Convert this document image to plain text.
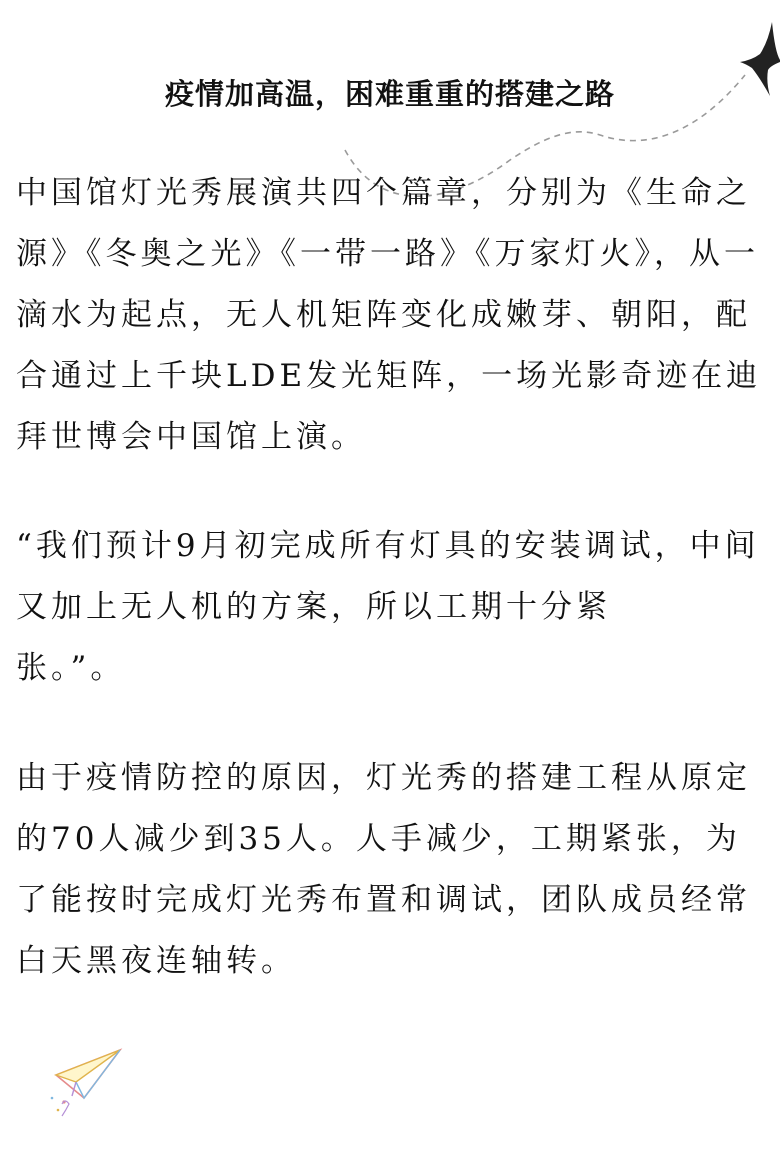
疫情加高温，困难重重的搭建之路

中国馆灯光秀展演共四个篇章，分别为《生命之源》《冬奥之光》《一带一路》《万家灯火》，从一滴水为起点，无人机矩阵变化成嫩芽、朝阳，配合通过上千块LDE发光矩阵，一场光影奇迹在迪拜世博会中国馆上演。

“我们预计9月初完成所有灯具的安装调试，中间又加上无人机的方案，所以工期十分紧
张。”。

由于疫情防控的原因，灯光秀的搭建工程从原定的70人减少到35人。人手减少，工期紧张，为了能按时完成灯光秀布置和调试，团队成员经常白天黑夜连轴转。
